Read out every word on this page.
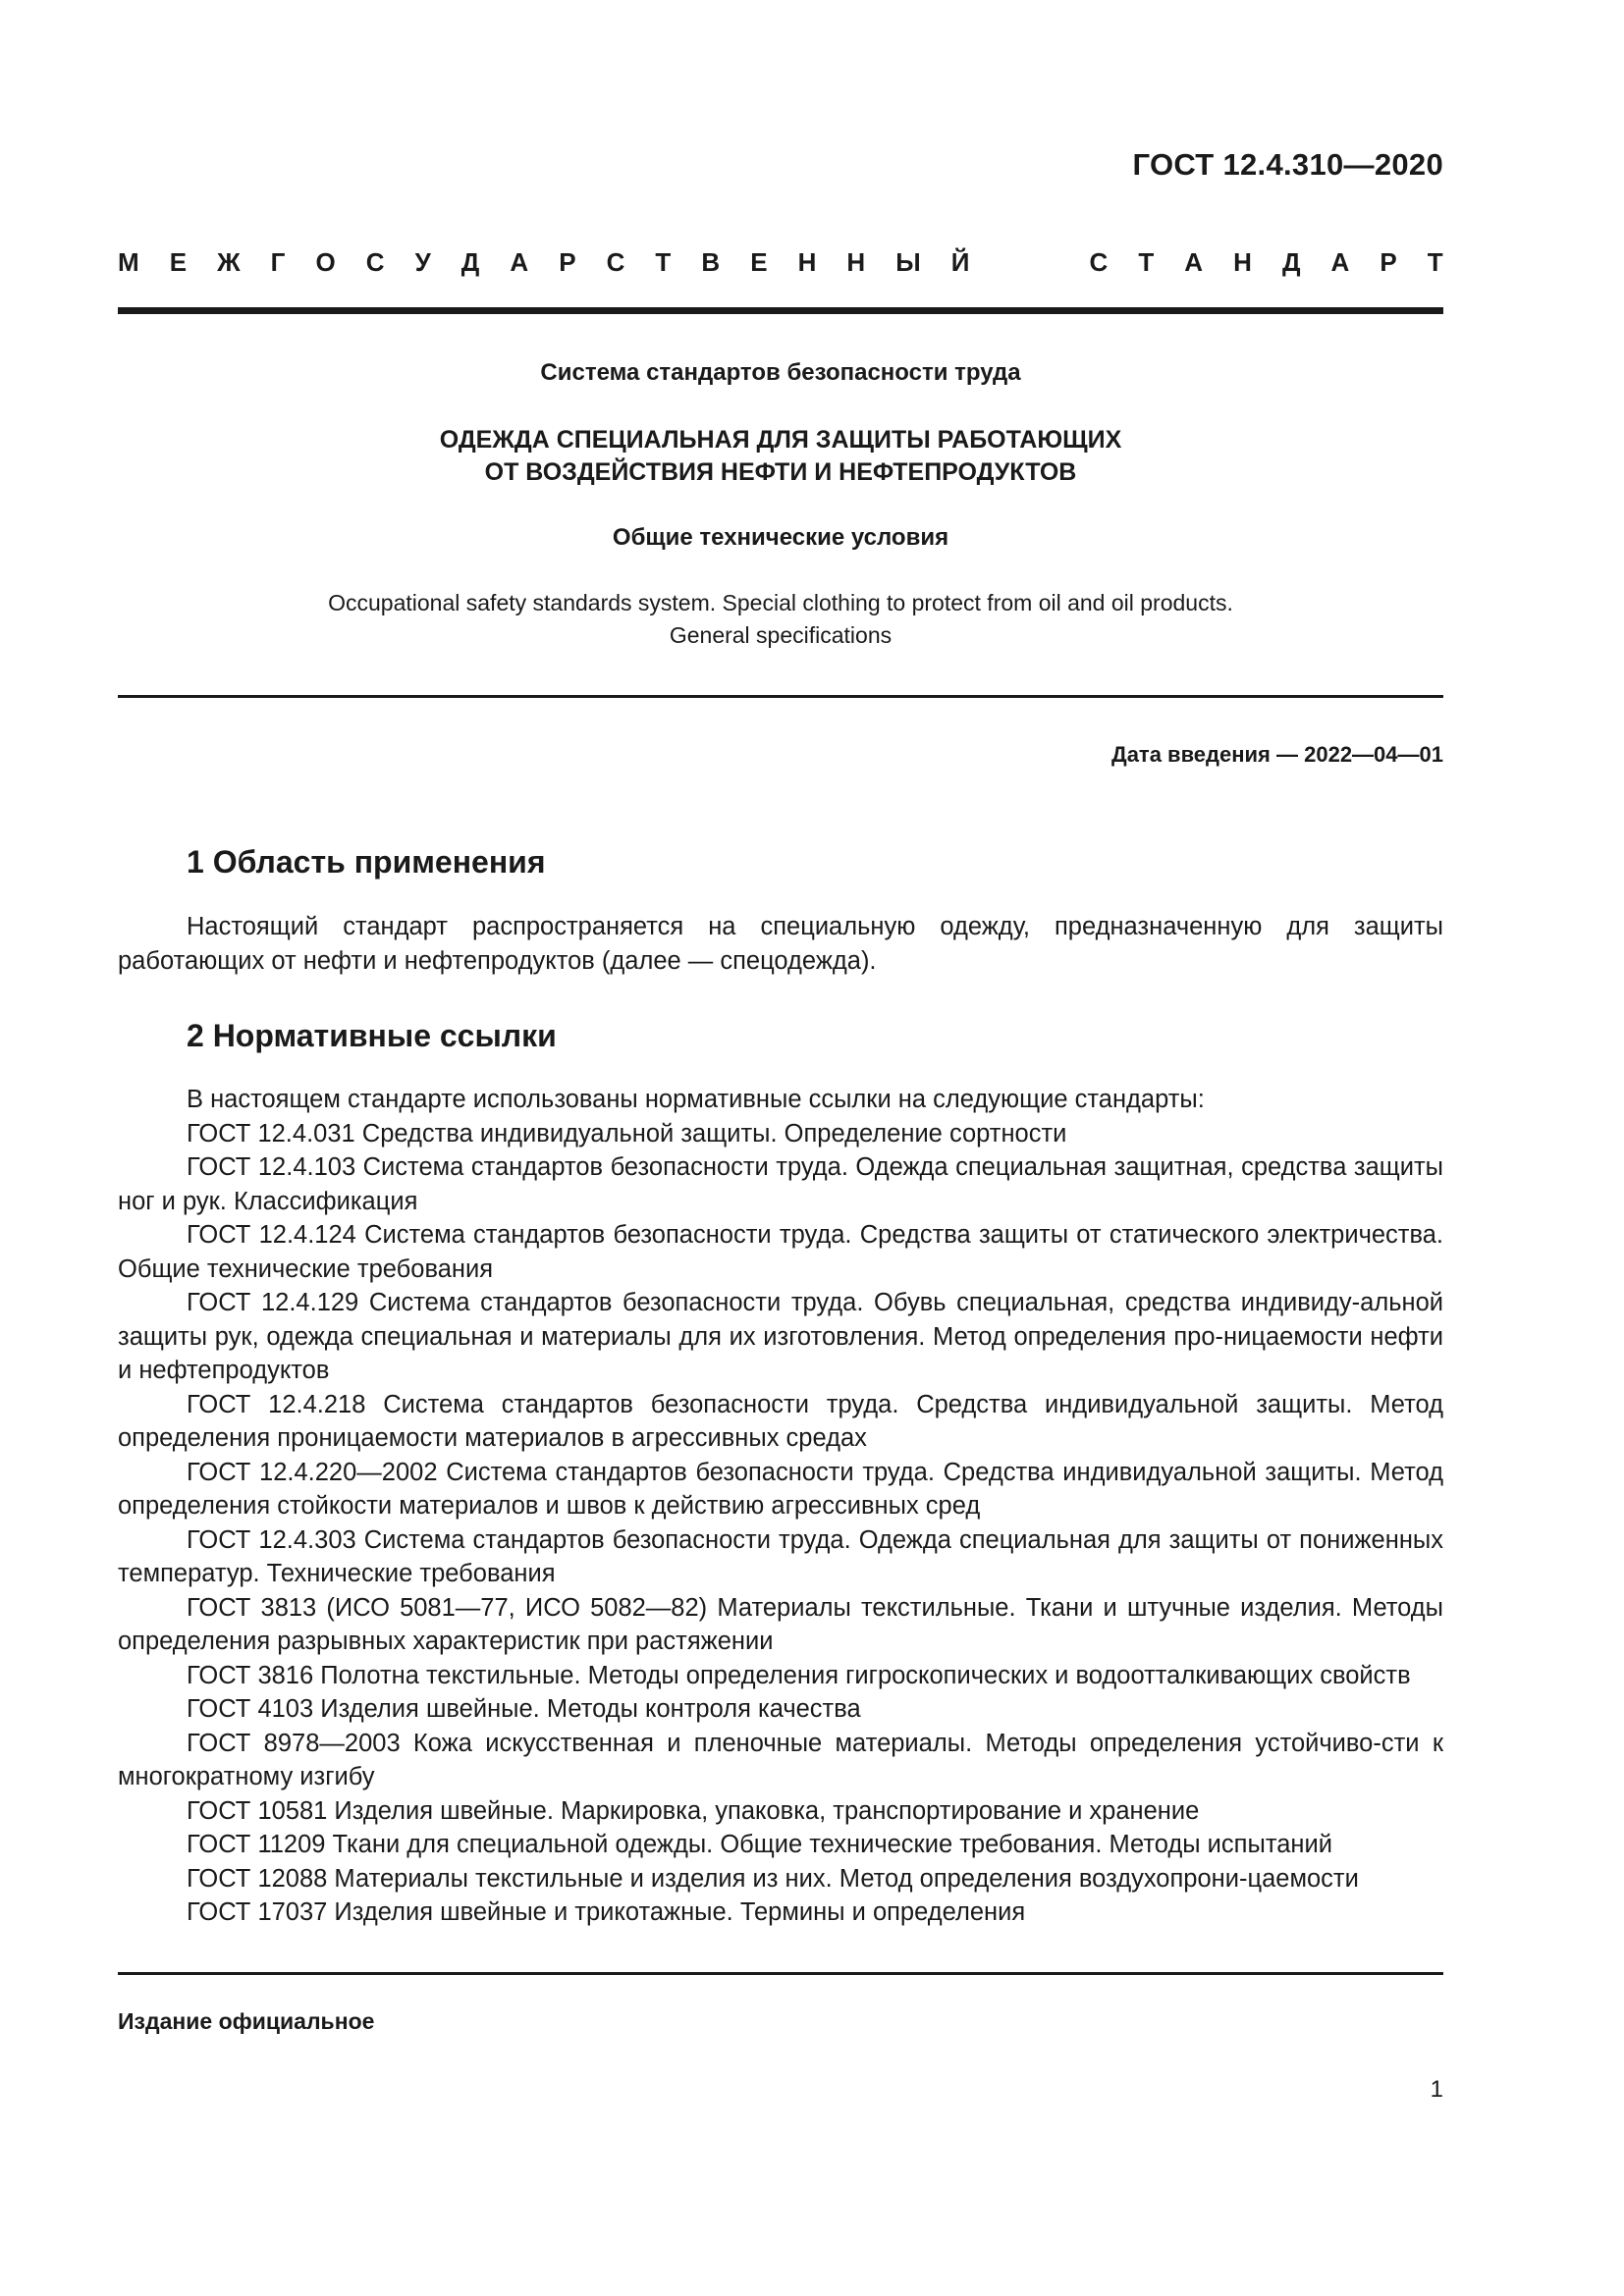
ГОСТ 12.4.310—2020
М Е Ж Г О С У Д А Р С Т В Е Н Н Ы Й	С Т А Н Д А Р Т
Система стандартов безопасности труда
ОДЕЖДА СПЕЦИАЛЬНАЯ ДЛЯ ЗАЩИТЫ РАБОТАЮЩИХ
ОТ ВОЗДЕЙСТВИЯ НЕФТИ И НЕФТЕПРОДУКТОВ
Общие технические условия
Occupational safety standards system. Special clothing to protect from oil and oil products.
General specifications
Дата введения — 2022—04—01
1 Область применения

Настоящий стандарт распространяется на специальную одежду, предназначенную для защиты работающих от нефти и нефтепродуктов (далее — спецодежда).

2 Нормативные ссылки

В настоящем стандарте использованы нормативные ссылки на следующие стандарты:

ГОСТ 12.4.031 Средства индивидуальной защиты. Определение сортности

ГОСТ 12.4.103 Система стандартов безопасности труда. Одежда специальная защитная, средства защиты ног и рук. Классификация

ГОСТ 12.4.124 Система стандартов безопасности труда. Средства защиты от статического электричества. Общие технические требования

ГОСТ 12.4.129 Система стандартов безопасности труда. Обувь специальная, средства индивиду-альной защиты рук, одежда специальная и материалы для их изготовления. Метод определения про-ницаемости нефти и нефтепродуктов

ГОСТ 12.4.218 Система стандартов безопасности труда. Средства индивидуальной защиты. Метод определения проницаемости материалов в агрессивных средах

ГОСТ 12.4.220—2002 Система стандартов безопасности труда. Средства индивидуальной защиты. Метод определения стойкости материалов и швов к действию агрессивных сред

ГОСТ 12.4.303 Система стандартов безопасности труда. Одежда специальная для защиты от пониженных температур. Технические требования

ГОСТ 3813 (ИСО 5081—77, ИСО 5082—82) Материалы текстильные. Ткани и штучные изделия. Методы определения разрывных характеристик при растяжении

ГОСТ 3816 Полотна текстильные. Методы определения гигроскопических и водоотталкивающих свойств

ГОСТ 4103 Изделия швейные. Методы контроля качества

ГОСТ 8978—2003 Кожа искусственная и пленочные материалы. Методы определения устойчиво-сти к многократному изгибу

ГОСТ 10581 Изделия швейные. Маркировка, упаковка, транспортирование и хранение

ГОСТ 11209 Ткани для специальной одежды. Общие технические требования. Методы испытаний

ГОСТ 12088 Материалы текстильные и изделия из них. Метод определения воздухопрони-цаемости

ГОСТ 17037 Изделия швейные и трикотажные. Термины и определения

Издание официальное
1
